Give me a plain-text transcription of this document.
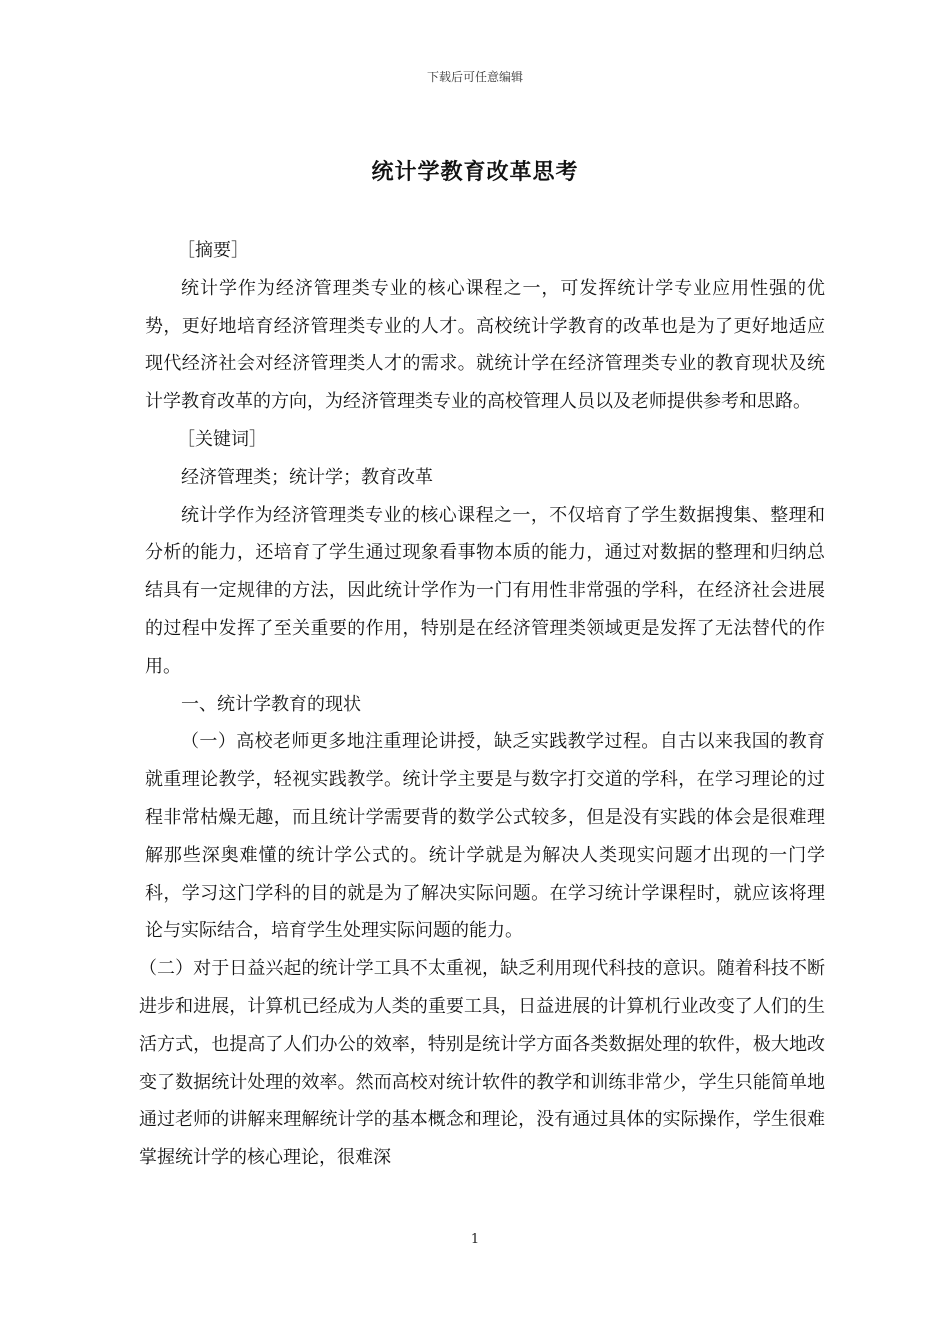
下载后可任意编辑
统计学教育改革思考

［摘要］

统计学作为经济管理类专业的核心课程之一，可发挥统计学专业应用性强的优势，更好地培育经济管理类专业的人才。高校统计学教育的改革也是为了更好地适应现代经济社会对经济管理类人才的需求。就统计学在经济管理类专业的教育现状及统计学教育改革的方向，为经济管理类专业的高校管理人员以及老师提供参考和思路。

［关键词］

经济管理类；统计学；教育改革

统计学作为经济管理类专业的核心课程之一，不仅培育了学生数据搜集、整理和分析的能力，还培育了学生通过现象看事物本质的能力，通过对数据的整理和归纳总结具有一定规律的方法，因此统计学作为一门有用性非常强的学科，在经济社会进展的过程中发挥了至关重要的作用，特别是在经济管理类领域更是发挥了无法替代的作用。

一、统计学教育的现状

（一）高校老师更多地注重理论讲授，缺乏实践教学过程。自古以来我国的教育就重理论教学，轻视实践教学。统计学主要是与数字打交道的学科，在学习理论的过程非常枯燥无趣，而且统计学需要背的数学公式较多，但是没有实践的体会是很难理解那些深奥难懂的统计学公式的。统计学就是为解决人类现实问题才出现的一门学科，学习这门学科的目的就是为了解决实际问题。在学习统计学课程时，就应该将理论与实际结合，培育学生处理实际问题的能力。

（二）对于日益兴起的统计学工具不太重视，缺乏利用现代科技的意识。随着科技不断进步和进展，计算机已经成为人类的重要工具，日益进展的计算机行业改变了人们的生活方式，也提高了人们办公的效率，特别是统计学方面各类数据处理的软件，极大地改变了数据统计处理的效率。然而高校对统计软件的教学和训练非常少，学生只能简单地通过老师的讲解来理解统计学的基本概念和理论，没有通过具体的实际操作，学生很难掌握统计学的核心理论，很难深

1
